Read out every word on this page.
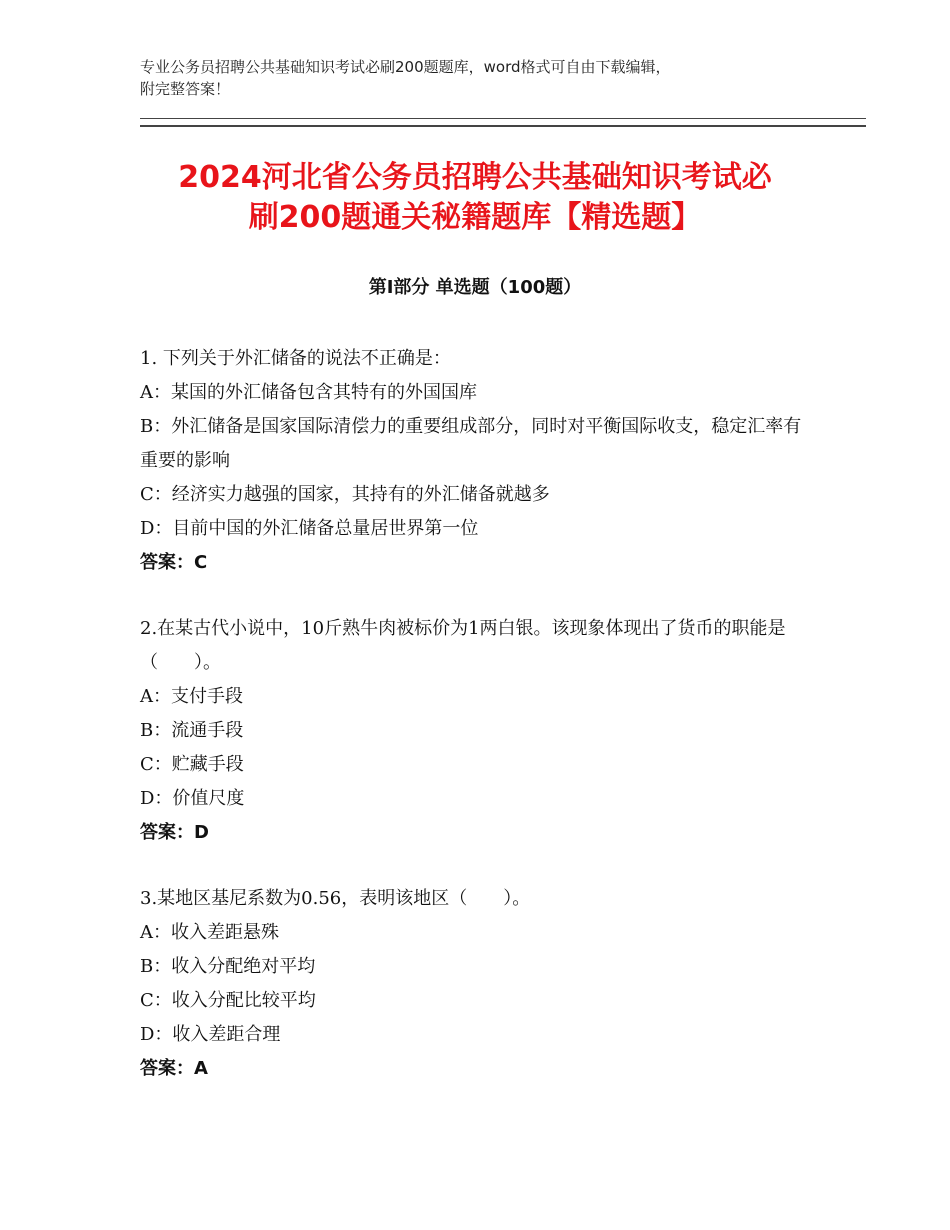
专业公务员招聘公共基础知识考试必刷200题题库，word格式可自由下载编辑，
附完整答案！
2024河北省公务员招聘公共基础知识考试必
刷200题通关秘籍题库【精选题】
第Ⅰ部分 单选题（100题）
1. 下列关于外汇储备的说法不正确是：
A：某国的外汇储备包含其特有的外国国库
B：外汇储备是国家国际清偿力的重要组成部分，同时对平衡国际收支，稳定汇率有重要的影响
C：经济实力越强的国家，其持有的外汇储备就越多
D：目前中国的外汇储备总量居世界第一位
答案：C
2.在某古代小说中，10斤熟牛肉被标价为1两白银。该现象体现出了货币的职能是（　　）。
A：支付手段
B：流通手段
C：贮藏手段
D：价值尺度
答案：D
3.某地区基尼系数为0.56，表明该地区（　　）。
A：收入差距悬殊
B：收入分配绝对平均
C：收入分配比较平均
D：收入差距合理
答案：A
